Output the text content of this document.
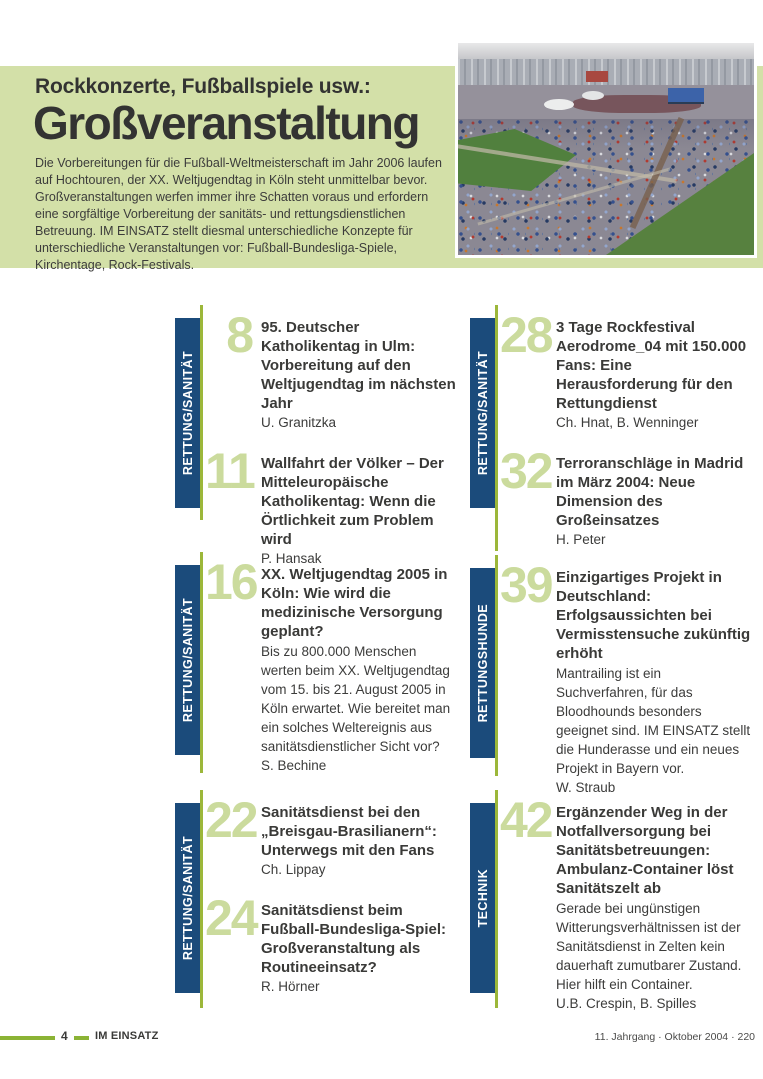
Rockkonzerte, Fußballspiele usw.:
Großveranstaltung
Die Vorbereitungen für die Fußball-Weltmeisterschaft im Jahr 2006 laufen auf Hochtouren, der XX. Weltjugendtag in Köln steht unmittelbar bevor. Großveranstaltungen werfen immer ihre Schatten voraus und erfordern eine sorgfältige Vorbereitung der sanitäts- und rettungsdienstlichen Betreuung. IM EINSATZ stellt diesmal unterschiedliche Konzepte für unterschiedliche Veranstaltungen vor: Fußball-Bundesliga-Spiele, Kirchentage, Rock-Festivals.
RETTUNG/SANITÄT
8 95. Deutscher Katholikentag in Ulm: Vorbereitung auf den Weltjugendtag im nächsten Jahr

U. Granitzka

11 Wallfahrt der Völker – Der Mitteleuropäische Katholikentag: Wenn die Örtlichkeit zum Problem wird

P. Hansak

RETTUNG/SANITÄT
16 XX. Weltjugendtag 2005 in Köln: Wie wird die medizinische Versorgung geplant?

Bis zu 800.000 Menschen werten beim XX. Weltjugendtag vom 15. bis 21. August 2005 in Köln erwartet. Wie bereitet man ein solches Weltereignis aus sanitätsdienstlicher Sicht vor?

S. Bechine

RETTUNG/SANITÄT
22 Sanitätsdienst bei den „Breisgau-Brasilianern“: Unterwegs mit den Fans

Ch. Lippay

24 Sanitätsdienst beim Fußball-Bundesliga-Spiel: Großveranstaltung als Routineeinsatz?

R. Hörner

RETTUNG/SANITÄT
28 3 Tage Rockfestival Aerodrome_04 mit 150.000 Fans: Eine Herausforderung für den Rettungdienst

Ch. Hnat, B. Wenninger

32 Terroranschläge in Madrid im März 2004: Neue Dimension des Großeinsatzes

H. Peter

RETTUNGSHUNDE
39 Einzigartiges Projekt in Deutschland: Erfolgsaussichten bei Vermisstensuche zukünftig erhöht

Mantrailing ist ein Suchverfahren, für das Bloodhounds besonders geeignet sind. IM EINSATZ stellt die Hunderasse und ein neues Projekt in Bayern vor.

W. Straub

TECHNIK
42 Ergänzender Weg in der Notfallversorgung bei Sanitätsbetreuungen: Ambulanz-Container löst Sanitätszelt ab

Gerade bei ungünstigen Witterungsverhältnissen ist der Sanitätsdienst in Zelten kein dauerhaft zumutbarer Zustand. Hier hilft ein Container.

U.B. Crespin, B. Spilles

4 IM EINSATZ	11. Jahrgang · Oktober 2004 · 220
